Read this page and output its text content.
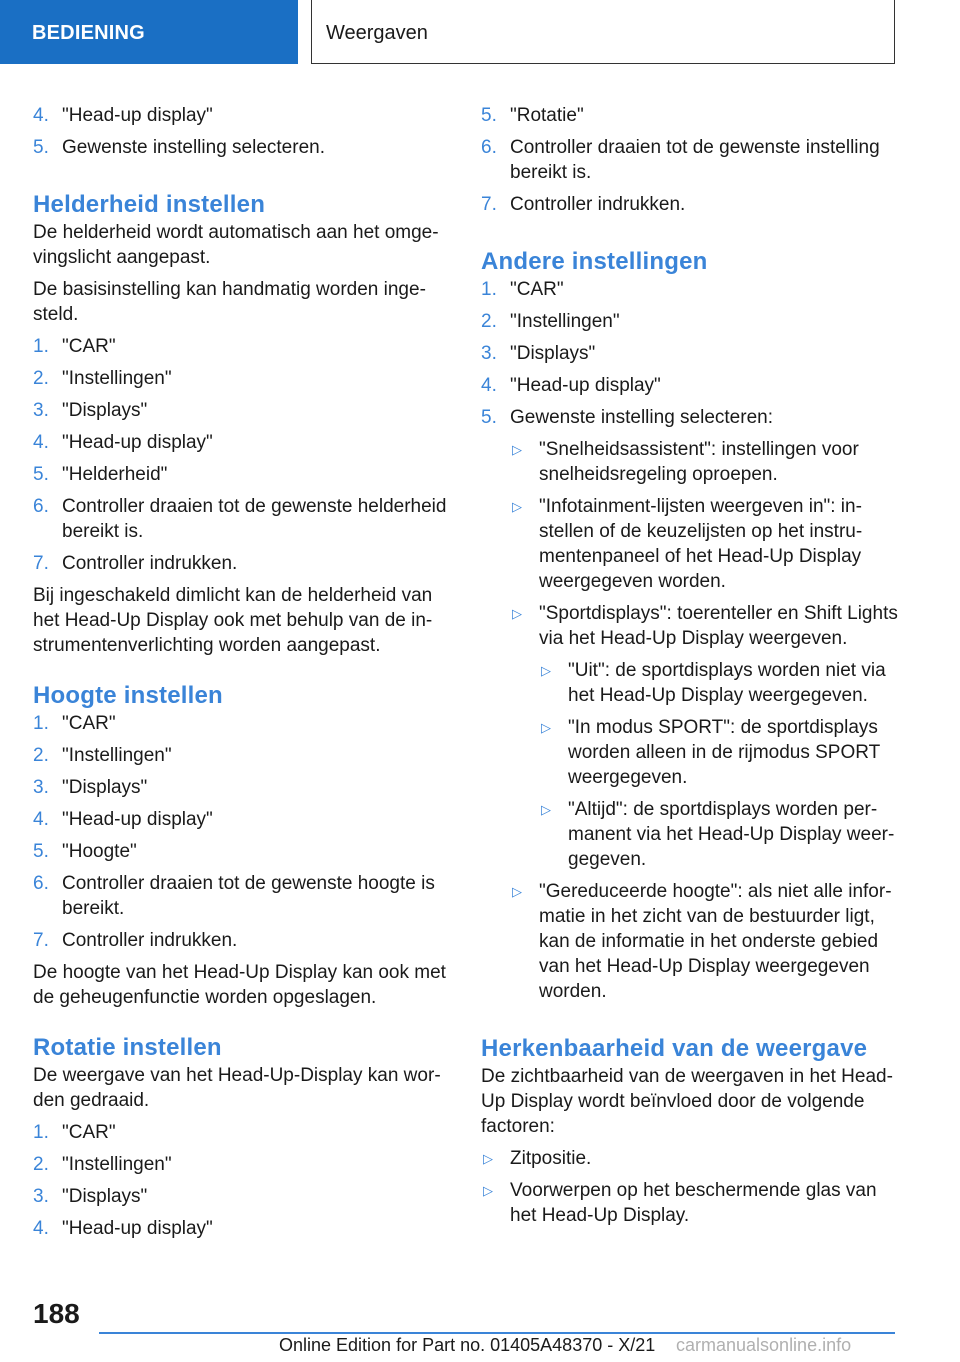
BEDIENING	Weergaven
4. "Head-up display"
5. Gewenste instelling selecteren.
Helderheid instellen

De helderheid wordt automatisch aan het omgevingslicht aangepast.

De basisinstelling kan handmatig worden ingesteld.

1. "CAR"
2. "Instellingen"
3. "Displays"
4. "Head-up display"
5. "Helderheid"
6. Controller draaien tot de gewenste helderheid bereikt is.
7. Controller indrukken.

Bij ingeschakeld dimlicht kan de helderheid van het Head-Up Display ook met behulp van de instrumentenverlichting worden aangepast.

Hoogte instellen
1. "CAR"
2. "Instellingen"
3. "Displays"
4. "Head-up display"
5. "Hoogte"
6. Controller draaien tot de gewenste hoogte is bereikt.
7. Controller indrukken.

De hoogte van het Head-Up Display kan ook met de geheugenfunctie worden opgeslagen.

Rotatie instellen

De weergave van het Head-Up-Display kan worden gedraaid.

1. "CAR"
2. "Instellingen"
3. "Displays"
4. "Head-up display"
5. "Rotatie"
6. Controller draaien tot de gewenste instelling bereikt is.
7. Controller indrukken.
Andere instellingen
1. "CAR"
2. "Instellingen"
3. "Displays"
4. "Head-up display"
5. Gewenste instelling selecteren:
▷ "Snelheidsassistent": instellingen voor snelheidsregeling oproepen.
▷ "Infotainment-lijsten weergeven in": instellen of de keuzelijsten op het instrumentenpaneel of het Head-Up Display weergegeven worden.
▷ "Sportdisplays": toerenteller en Shift Lights via het Head-Up Display weergeven.
▷ "Uit": de sportdisplays worden niet via het Head-Up Display weergegeven.
▷ "In modus SPORT": de sportdisplays worden alleen in de rijmodus SPORT weergegeven.
▷ "Altijd": de sportdisplays worden permanent via het Head-Up Display weergegeven.
▷ "Gereduceerde hoogte": als niet alle informatie in het zicht van de bestuurder ligt, kan de informatie in het onderste gebied van het Head-Up Display weergegeven worden.
Herkenbaarheid van de weergave

De zichtbaarheid van de weergaven in het Head-Up Display wordt beïnvloed door de volgende factoren:

▷ Zitpositie.
▷ Voorwerpen op het beschermende glas van het Head-Up Display.
188
Online Edition for Part no. 01405A48370 - X/21 carmanualsonline.info
